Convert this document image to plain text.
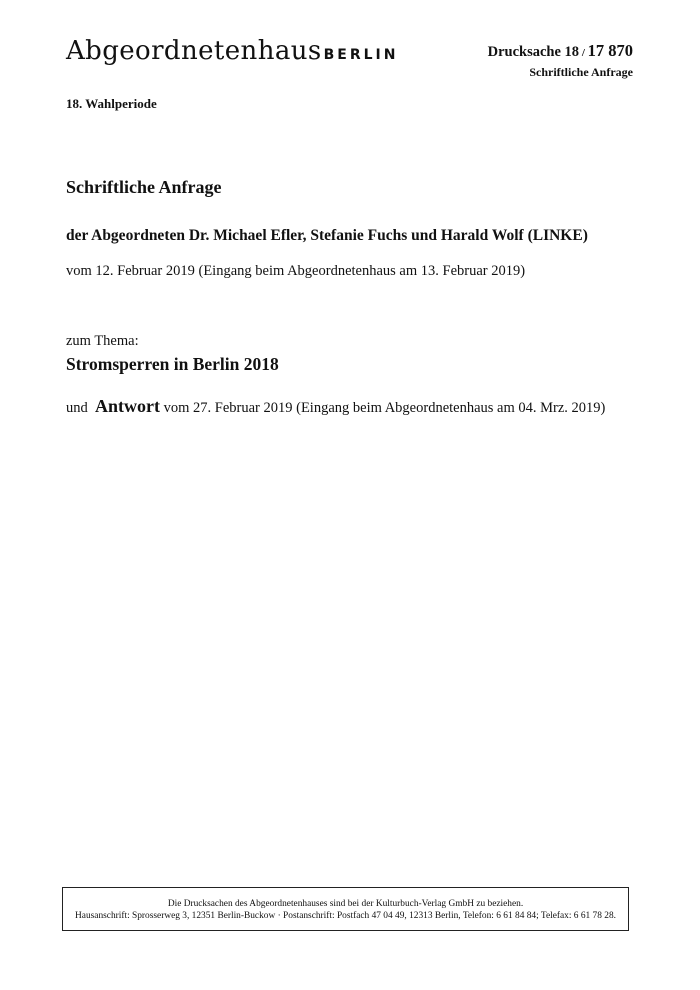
Abgeordnetenhaus BERLIN	Drucksache 18 / 17 870
Schriftliche Anfrage
18. Wahlperiode
Schriftliche Anfrage
der Abgeordneten Dr. Michael Efler, Stefanie Fuchs und Harald Wolf (LINKE)
vom 12. Februar 2019 (Eingang beim Abgeordnetenhaus am 13. Februar 2019)
zum Thema:
Stromsperren in Berlin 2018
und Antwort vom 27. Februar 2019 (Eingang beim Abgeordnetenhaus am 04. Mrz. 2019)
Die Drucksachen des Abgeordnetenhauses sind bei der Kulturbuch-Verlag GmbH zu beziehen.
Hausanschrift: Sprosserweg 3, 12351 Berlin-Buckow · Postanschrift: Postfach 47 04 49, 12313 Berlin, Telefon: 6 61 84 84; Telefax: 6 61 78 28.
